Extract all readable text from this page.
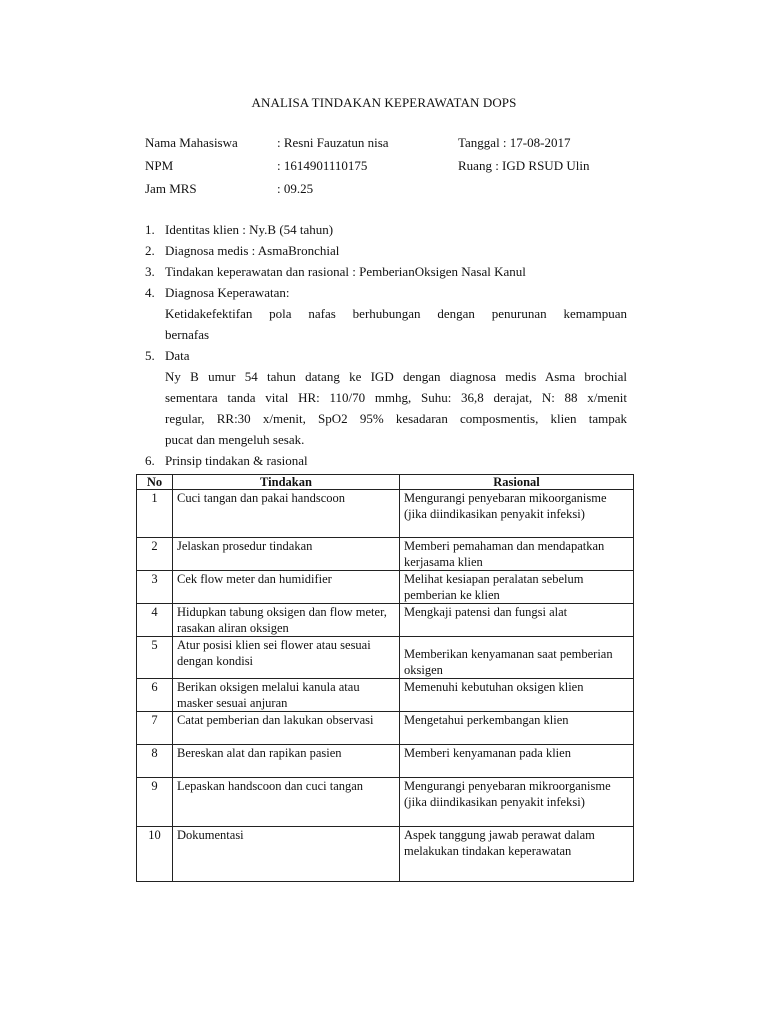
ANALISA TINDAKAN KEPERAWATAN DOPS
Nama Mahasiswa	: Resni Fauzatun nisa	Tanggal : 17-08-2017
NPM	: 1614901110175	Ruang : IGD RSUD Ulin
Jam MRS	: 09.25
1. Identitas klien : Ny.B (54 tahun)
2. Diagnosa medis : AsmaBronchial
3. Tindakan keperawatan dan rasional : PemberianOksigen Nasal Kanul
4. Diagnosa Keperawatan:
Ketidakefektifan pola nafas berhubungan dengan penurunan kemampuan
bernafas
5. Data
Ny B umur 54 tahun datang ke IGD dengan diagnosa medis Asma brochial
sementara tanda vital HR: 110/70 mmhg, Suhu: 36,8 derajat, N: 88 x/menit
regular, RR:30 x/menit, SpO2 95% kesadaran composmentis, klien tampak
pucat dan mengeluh sesak.
6. Prinsip tindakan & rasional
No	Tindakan	Rasional
1	Cuci tangan dan pakai handscoon	Mengurangi penyebaran mikoorganisme (jika diindikasikan penyakit infeksi)
2	Jelaskan prosedur tindakan	Memberi pemahaman dan mendapatkan kerjasama klien
3	Cek flow meter dan humidifier	Melihat kesiapan peralatan sebelum pemberian ke klien
4	Hidupkan tabung oksigen dan flow meter, rasakan aliran oksigen	Mengkaji patensi dan fungsi alat
5	Atur posisi klien sei flower atau sesuai dengan kondisi	Memberikan kenyamanan saat pemberian oksigen
6	Berikan oksigen melalui kanula atau masker sesuai anjuran	Memenuhi kebutuhan oksigen klien
7	Catat pemberian dan lakukan observasi	Mengetahui perkembangan klien
8	Bereskan alat dan rapikan pasien	Memberi kenyamanan pada klien
9	Lepaskan handscoon dan cuci tangan	Mengurangi penyebaran mikroorganisme (jika diindikasikan penyakit infeksi)
10	Dokumentasi	Aspek tanggung jawab perawat dalam melakukan tindakan keperawatan
